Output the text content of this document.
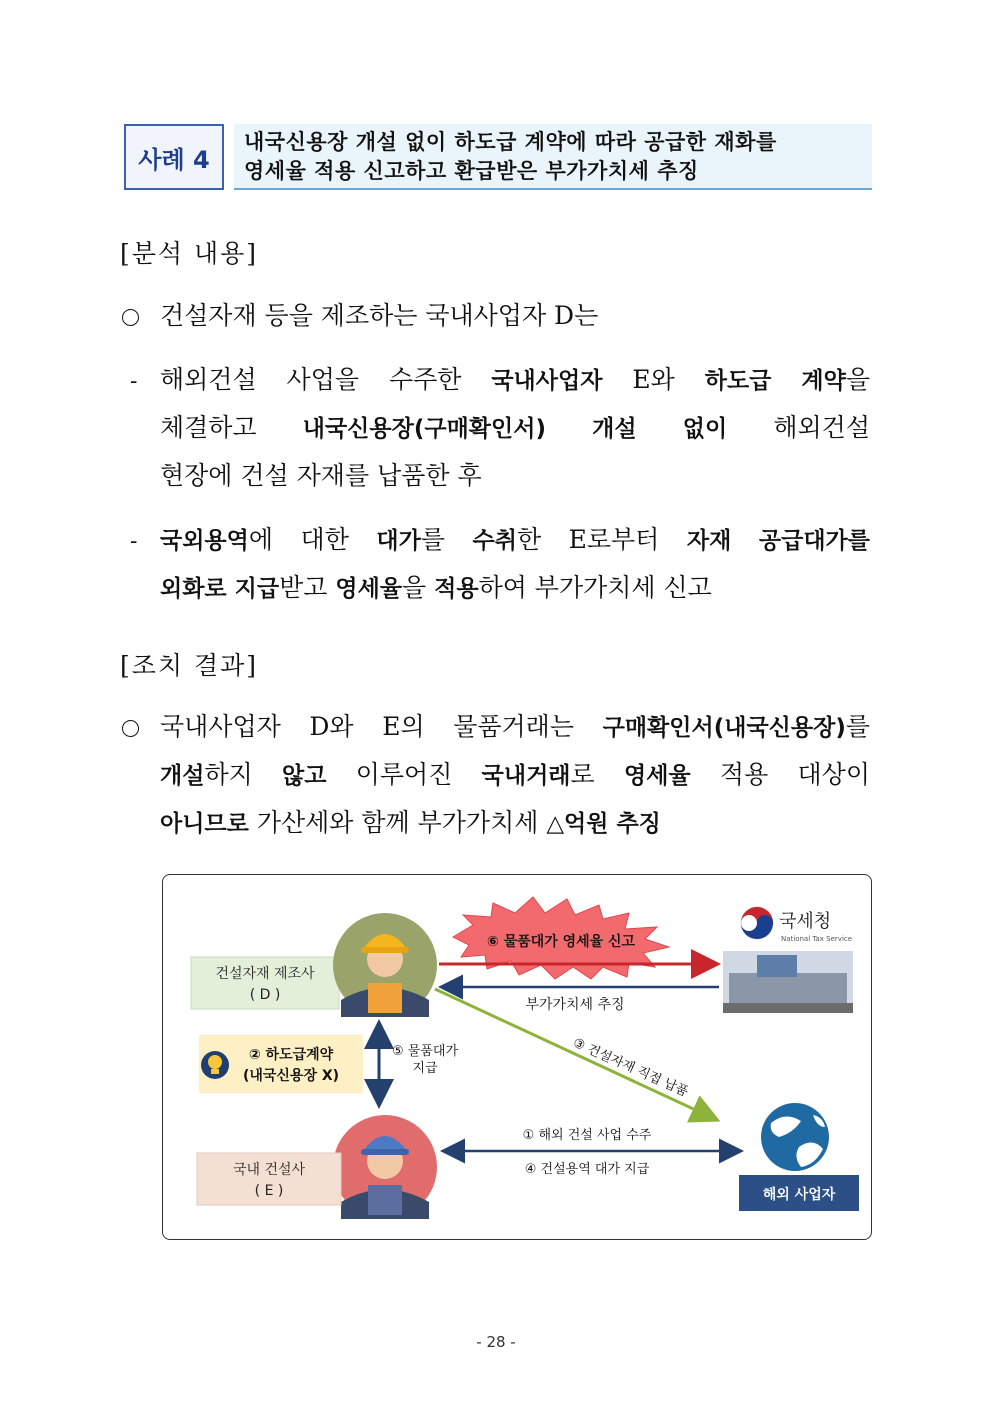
사례 4
내국신용장 개설 없이 하도급 계약에 따라 공급한 재화를
영세율 적용 신고하고 환급받은 부가가치세 추징
[분석 내용]
건설자재 등을 제조하는 국내사업자 D는
- 해외건설 사업을 수주한 국내사업자 E와 하도급 계약을
체결하고 내국신용장(구매확인서) 개설 없이 해외건설
현장에 건설 자재를 납품한 후
- 국외용역에 대한 대가를 수취한 E로부터 자재 공급대가를
외화로 지급받고 영세율을 적용하여 부가가치세 신고
[조치 결과]
국내사업자 D와 E의 물품거래는 구매확인서(내국신용장)를
개설하지 않고 이루어진 국내거래로 영세율 적용 대상이
아니므로 가산세와 함께 부가가치세 △억원 추징
건설자재 제조사
( D )
⑥ 물품대가 영세율 신고
부가가치세 추징
국세청
National Tax Service
② 하도급계약
(내국신용장 X)
⑤ 물품대가
지급	③ 건설자재 직접 납품
해외 사업자
국내 건설사
( E )
① 해외 건설 사업 수주
④ 건설용역 대가 지급
- 28 -
